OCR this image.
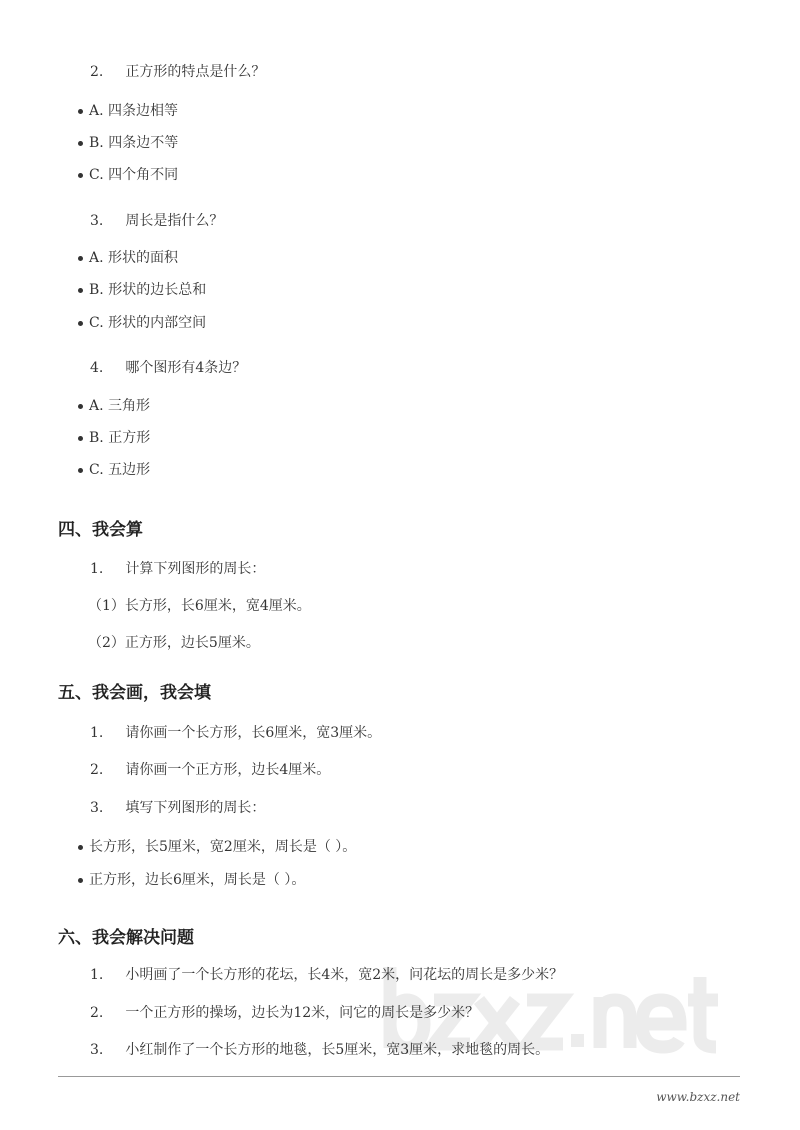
2. 正方形的特点是什么？
A. 四条边相等
B. 四条边不等
C. 四个角不同
3. 周长是指什么？
A. 形状的面积
B. 形状的边长总和
C. 形状的内部空间
4. 哪个图形有4条边？
A. 三角形
B. 正方形
C. 五边形
四、我会算
1. 计算下列图形的周长：
（1）长方形，长6厘米，宽4厘米。
（2）正方形，边长5厘米。
五、我会画，我会填
1. 请你画一个长方形，长6厘米，宽3厘米。
2. 请你画一个正方形，边长4厘米。
3. 填写下列图形的周长：
长方形，长5厘米，宽2厘米，周长是（ ）。
正方形，边长6厘米，周长是（ ）。
六、我会解决问题
1. 小明画了一个长方形的花坛，长4米，宽2米，问花坛的周长是多少米？
2. 一个正方形的操场，边长为12米，问它的周长是多少米？
3. 小红制作了一个长方形的地毯，长5厘米，宽3厘米，求地毯的周长。
www.bzxz.net
